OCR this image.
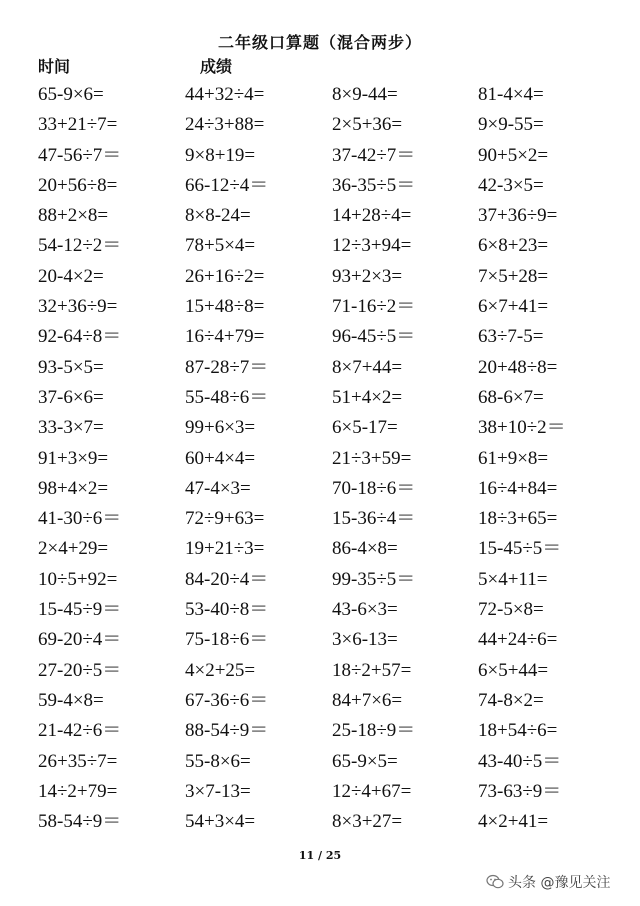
二年级口算题（混合两步）
时间	成绩
65-9×6=	44+32÷4=	8×9-44=	81-4×4=
33+21÷7=	24÷3+88=	2×5+36=	9×9-55=
47-56÷7＝	9×8+19=	37-42÷7＝	90+5×2=
20+56÷8=	66-12÷4＝	36-35÷5＝	42-3×5=
88+2×8=	8×8-24=	14+28÷4=	37+36÷9=
54-12÷2＝	78+5×4=	12÷3+94=	6×8+23=
20-4×2=	26+16÷2=	93+2×3=	7×5+28=
32+36÷9=	15+48÷8=	71-16÷2＝	6×7+41=
92-64÷8＝	16÷4+79=	96-45÷5＝	63÷7-5=
93-5×5=	87-28÷7＝	8×7+44=	20+48÷8=
37-6×6=	55-48÷6＝	51+4×2=	68-6×7=
33-3×7=	99+6×3=	6×5-17=	38+10÷2＝
91+3×9=	60+4×4=	21÷3+59=	61+9×8=
98+4×2=	47-4×3=	70-18÷6＝	16÷4+84=
41-30÷6＝	72÷9+63=	15-36÷4＝	18÷3+65=
2×4+29=	19+21÷3=	86-4×8=	15-45÷5＝
10÷5+92=	84-20÷4＝	99-35÷5＝	5×4+11=
15-45÷9＝	53-40÷8＝	43-6×3=	72-5×8=
69-20÷4＝	75-18÷6＝	3×6-13=	44+24÷6=
27-20÷5＝	4×2+25=	18÷2+57=	6×5+44=
59-4×8=	67-36÷6＝	84+7×6=	74-8×2=
21-42÷6＝	88-54÷9＝	25-18÷9＝	18+54÷6=
26+35÷7=	55-8×6=	65-9×5=	43-40÷5＝
14÷2+79=	3×7-13=	12÷4+67=	73-63÷9＝
58-54÷9＝	54+3×4=	8×3+27=	4×2+41=
11 / 25
头条 @豫见关注
